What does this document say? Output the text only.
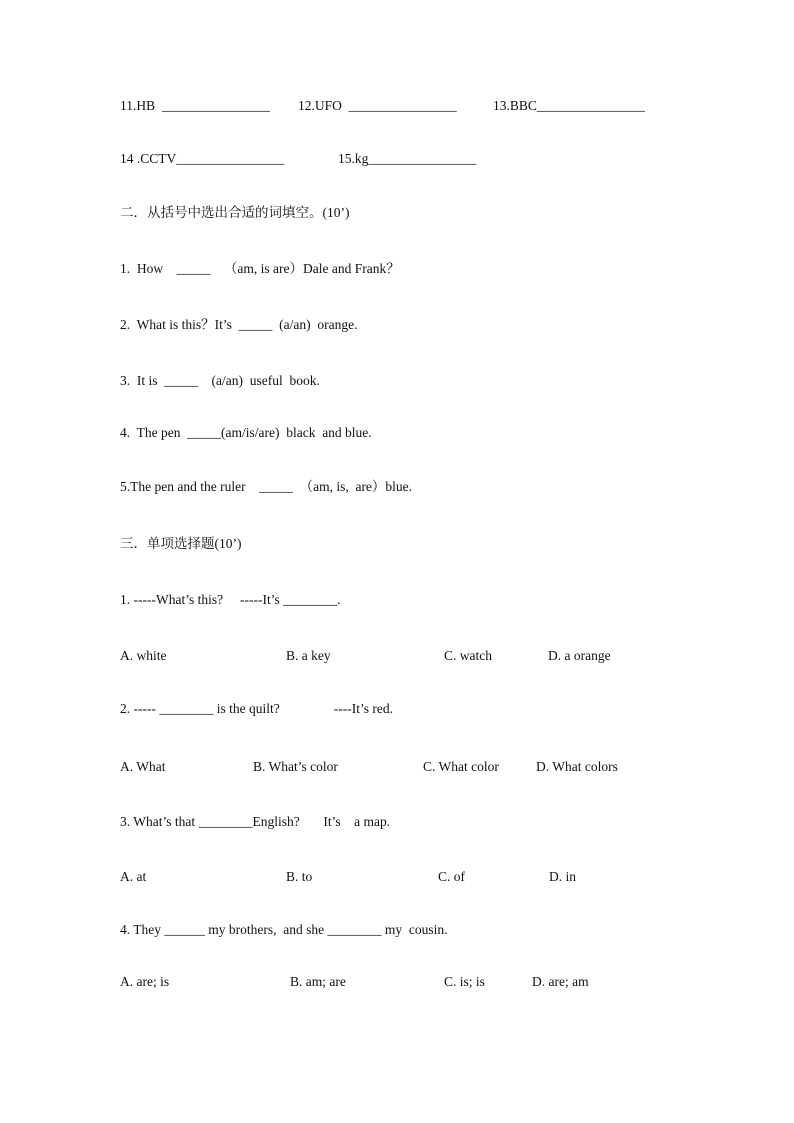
11.HB  ________________ 12.UFO  ________________	13.BBC________________
14 .CCTV________________	15.kg________________
二．从括号中选出合适的词填空。(10’)
1.  How    _____    （am, is are）Dale and Frank？
2.  What is this？It’s  _____  (a/an)  orange.
3.  It is  _____    (a/an)  useful  book.
4.  The pen  _____(am/is/are)  black  and blue.
5.The pen and the ruler    _____  （am, is,  are）blue.
三．单项选择题(10’)
1. -----What’s this?     -----It’s ________.
A. white	B. a key	C. watch	D. a orange
2. ----- ________ is the quilt?                ----It’s red.
A. What	B. What’s color	C. What color	D. What colors
3. What’s that ________English?       It’s    a map.
A. at	B. to	C. of	D. in
4. They ______ my brothers,  and she ________ my  cousin.
A. are; is	B. am; are	C. is; is	D. are; am
